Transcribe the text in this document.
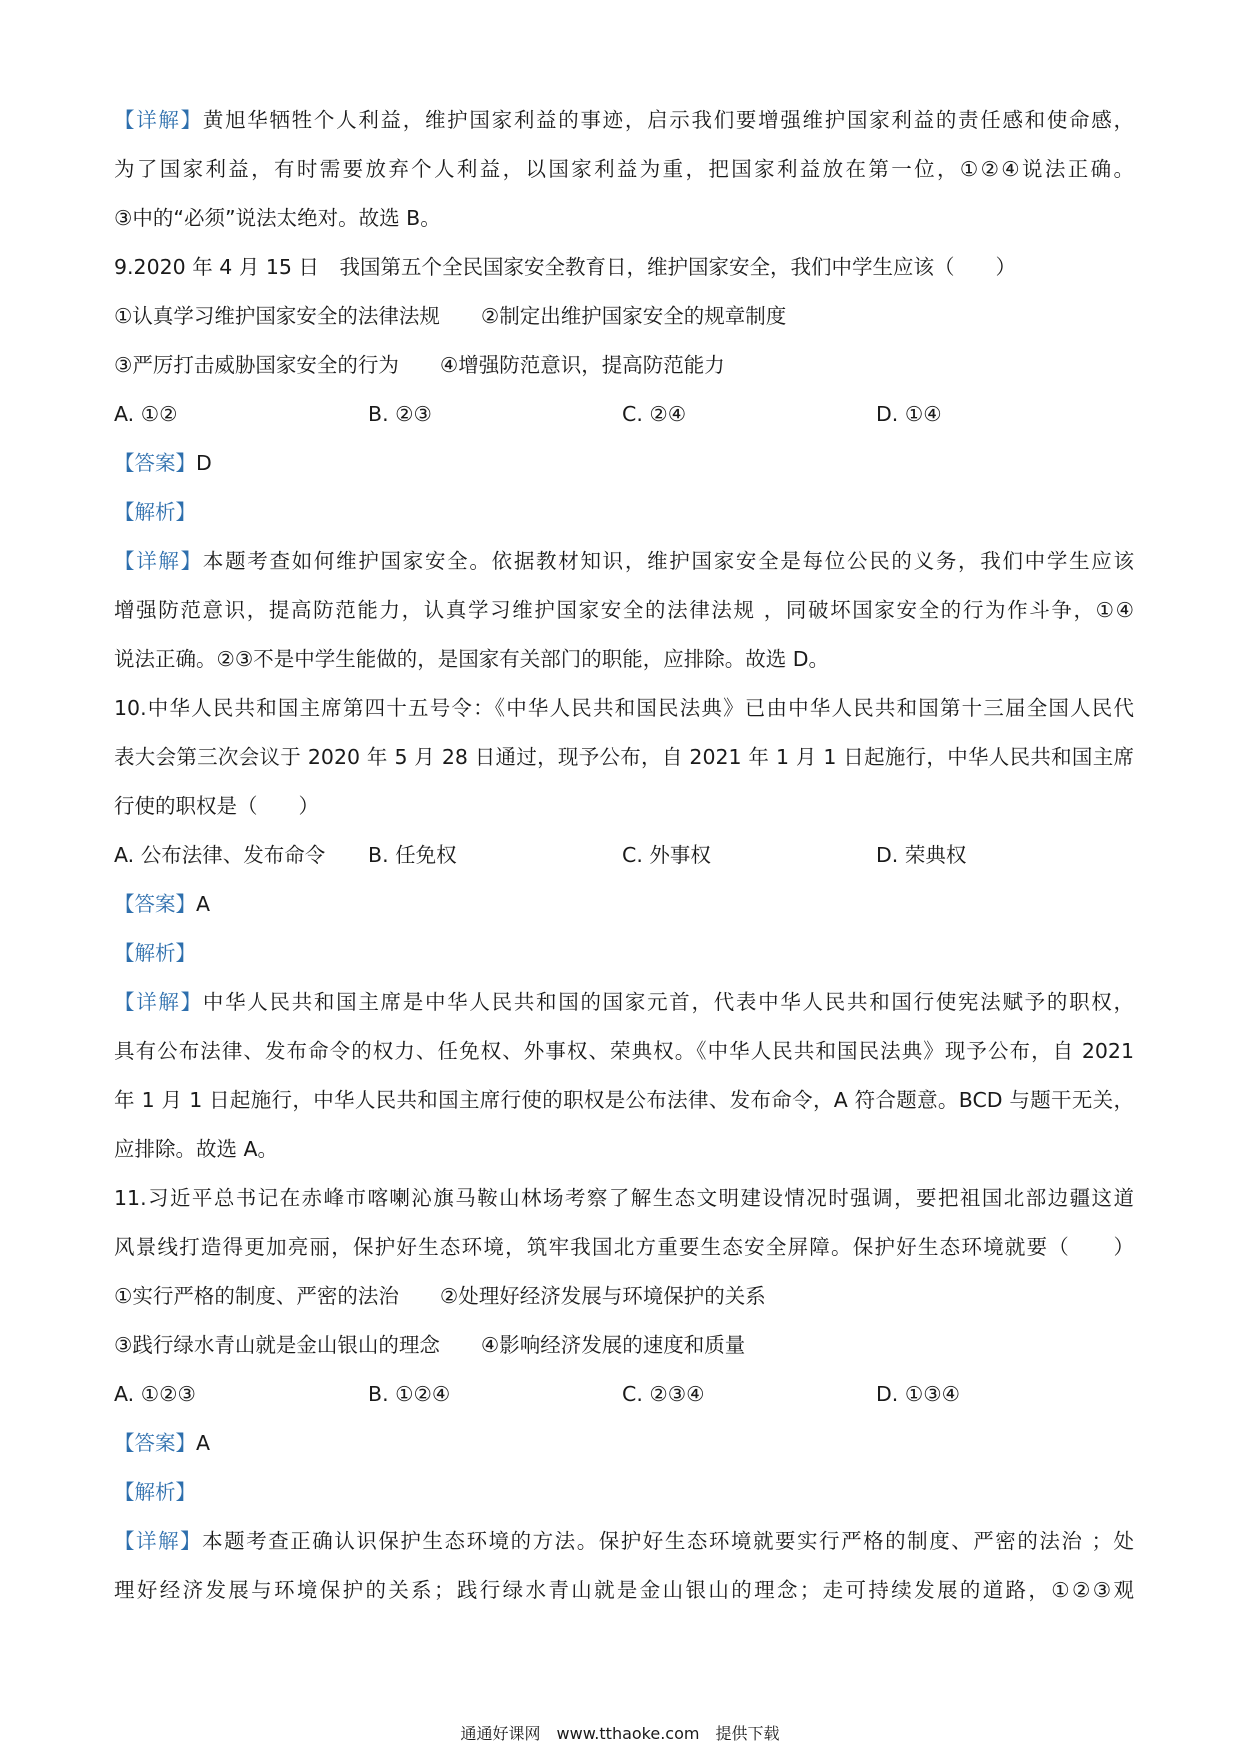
【详解】黄旭华牺牲个人利益，维护国家利益的事迹，启示我们要增强维护国家利益的责任感和使命感，
为了国家利益，有时需要放弃个人利益，以国家利益为重，把国家利益放在第一位，①②④说法正确。
③中的“必须”说法太绝对。故选 B。
9.2020 年 4 月 15 日　我国第五个全民国家安全教育日，维护国家安全，我们中学生应该（　　）
①认真学习维护国家安全的法律法规　　②制定出维护国家安全的规章制度
③严厉打击威胁国家安全的行为　　④增强防范意识，提高防范能力
A. ①②	B. ②③	C. ②④	D. ①④
【答案】D
【解析】
【详解】本题考查如何维护国家安全。依据教材知识，维护国家安全是每位公民的义务，我们中学生应该
增强防范意识，提高防范能力，认真学习维护国家安全的法律法规 ，同破坏国家安全的行为作斗争，①④
说法正确。②③不是中学生能做的，是国家有关部门的职能，应排除。故选 D。
10.中华人民共和国主席第四十五号令：《中华人民共和国民法典》已由中华人民共和国第十三届全国人民代
表大会第三次会议于 2020 年 5 月 28 日通过，现予公布，自 2021 年 1 月 1 日起施行，中华人民共和国主席
行使的职权是（　　）
A. 公布法律、发布命令	B. 任免权	C. 外事权	D. 荣典权
【答案】A
【解析】
【详解】中华人民共和国主席是中华人民共和国的国家元首，代表中华人民共和国行使宪法赋予的职权，
具有公布法律、发布命令的权力、任免权、外事权、荣典权。《中华人民共和国民法典》现予公布，自 2021
年 1 月 1 日起施行，中华人民共和国主席行使的职权是公布法律、发布命令，A 符合题意。BCD 与题干无关，
应排除。故选 A。
11.习近平总书记在赤峰市喀喇沁旗马鞍山林场考察了解生态文明建设情况时强调，要把祖国北部边疆这道
风景线打造得更加亮丽，保护好生态环境，筑牢我国北方重要生态安全屏障。保护好生态环境就要（　　）
①实行严格的制度、严密的法治　　②处理好经济发展与环境保护的关系
③践行绿水青山就是金山银山的理念　　④影响经济发展的速度和质量
A. ①②③	B. ①②④	C. ②③④	D. ①③④
【答案】A
【解析】
【详解】本题考查正确认识保护生态环境的方法。保护好生态环境就要实行严格的制度、严密的法治 ；处
理好经济发展与环境保护的关系；践行绿水青山就是金山银山的理念；走可持续发展的道路，①②③观
通通好课网　www.tthaoke.com　提供下载
